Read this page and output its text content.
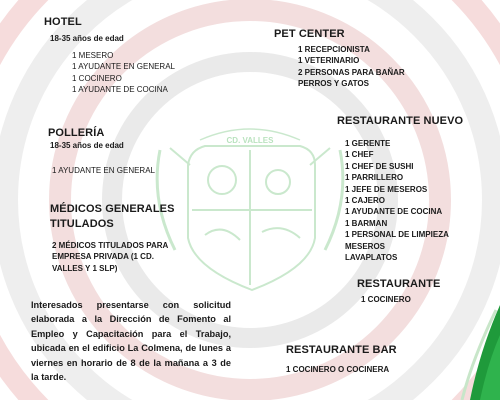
CD. VALLES
HOTEL
18-35 años de edad
1 MESERO
1 AYUDANTE EN GENERAL
1 COCINERO
1 AYUDANTE DE COCINA
POLLERÍA
18-35 años de edad
1 AYUDANTE EN GENERAL
MÉDICOS GENERALES
TITULADOS
2 MÉDICOS TITULADOS PARA
EMPRESA PRIVADA (1 CD.
VALLES Y 1 SLP)
PET CENTER
1 RECEPCIONISTA
1 VETERINARIO
2 PERSONAS PARA BAÑAR
PERROS Y GATOS
RESTAURANTE NUEVO
1 GERENTE
1 CHEF
1 CHEF DE SUSHI
1 PARRILLERO
1 JEFE DE MESEROS
1 CAJERO
1 AYUDANTE DE COCINA
1 BARMAN
1 PERSONAL DE LIMPIEZA
MESEROS
LAVAPLATOS
RESTAURANTE
1 COCINERO
RESTAURANTE BAR
1 COCINERO O COCINERA
Interesados presentarse con solicitud elaborada a la Dirección de Fomento al Empleo y Capacitación para el Trabajo, ubicada en el edificio La Colmena, de lunes a viernes en horario de 8 de la mañana a 3 de la tarde.
